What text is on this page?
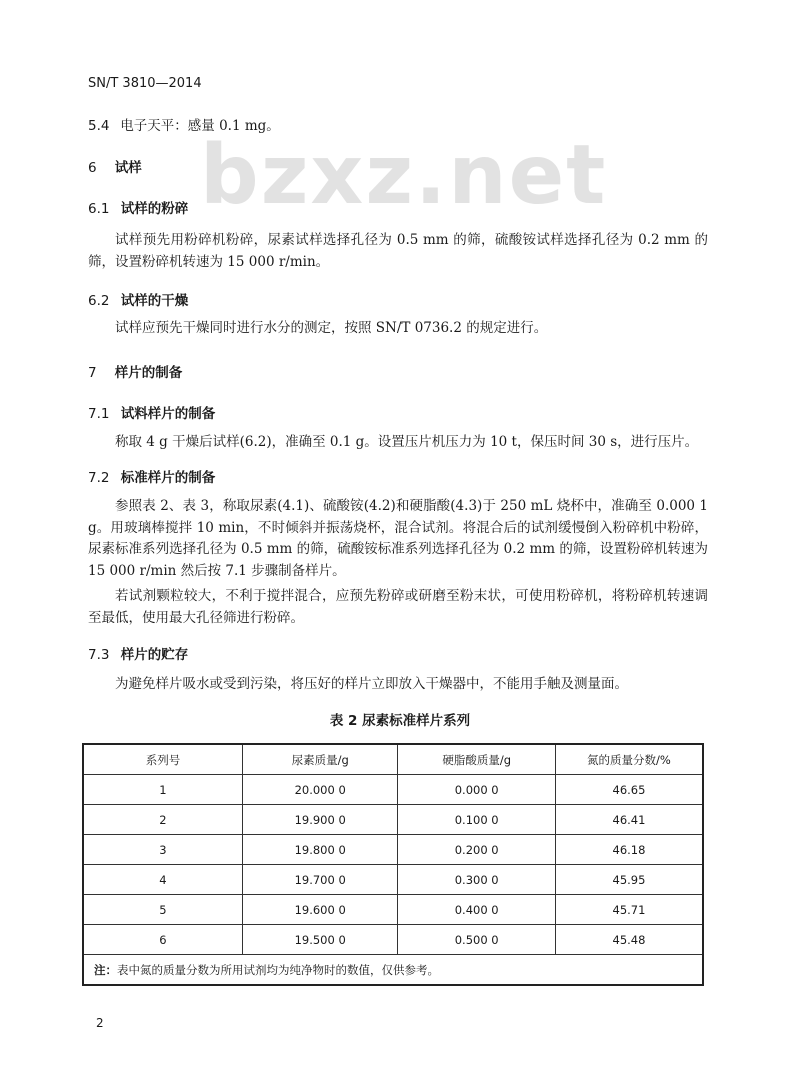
SN/T 3810—2014
bzxz.net
5.4 电子天平：感量 0.1 mg。
6 试样
6.1 试样的粉碎
试样预先用粉碎机粉碎，尿素试样选择孔径为 0.5 mm 的筛，硫酸铵试样选择孔径为 0.2 mm 的筛，设置粉碎机转速为 15 000 r/min。
6.2 试样的干燥
试样应预先干燥同时进行水分的测定，按照 SN/T 0736.2 的规定进行。
7 样片的制备
7.1 试料样片的制备
称取 4 g 干燥后试样(6.2)，准确至 0.1 g。设置压片机压力为 10 t，保压时间 30 s，进行压片。
7.2 标准样片的制备
参照表 2、表 3，称取尿素(4.1)、硫酸铵(4.2)和硬脂酸(4.3)于 250 mL 烧杯中，准确至 0.000 1 g。用玻璃棒搅拌 10 min，不时倾斜并振荡烧杯，混合试剂。将混合后的试剂缓慢倒入粉碎机中粉碎，尿素标准系列选择孔径为 0.5 mm 的筛，硫酸铵标准系列选择孔径为 0.2 mm 的筛，设置粉碎机转速为 15 000 r/min 然后按 7.1 步骤制备样片。
若试剂颗粒较大，不利于搅拌混合，应预先粉碎或研磨至粉末状，可使用粉碎机，将粉碎机转速调至最低，使用最大孔径筛进行粉碎。
7.3 样片的贮存
为避免样片吸水或受到污染，将压好的样片立即放入干燥器中，不能用手触及测量面。
表 2 尿素标准样片系列
系列号	尿素质量/g	硬脂酸质量/g	氮的质量分数/%
1	20.000 0	0.000 0	46.65
2	19.900 0	0.100 0	46.41
3	19.800 0	0.200 0	46.18
4	19.700 0	0.300 0	45.95
5	19.600 0	0.400 0	45.71
6	19.500 0	0.500 0	45.48
注：表中氮的质量分数为所用试剂均为纯净物时的数值，仅供参考。			
2
